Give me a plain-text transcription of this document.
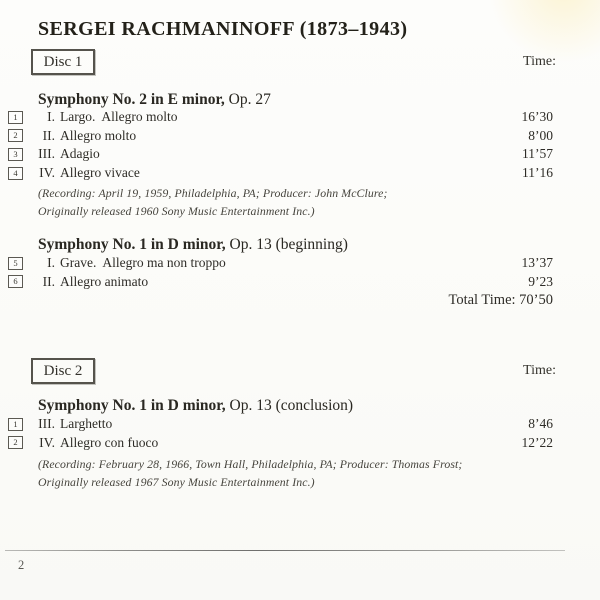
SERGEI RACHMANINOFF (1873–1943)
Disc 1	Time:
Symphony No. 2 in E minor, Op. 27
1	I. Largo.  Allegro molto	16’30
2	II. Allegro molto	8’00
3	III. Adagio	11’57
4	IV. Allegro vivace	11’16
(Recording: April 19, 1959, Philadelphia, PA; Producer: John McClure;
Originally released 1960 Sony Music Entertainment Inc.)
Symphony No. 1 in D minor, Op. 13 (beginning)
5	I. Grave.  Allegro ma non troppo	13’37
6	II. Allegro animato	9’23
Total Time: 70’50
Disc 2	Time:
Symphony No. 1 in D minor, Op. 13 (conclusion)
1	III. Larghetto	8’46
2	IV. Allegro con fuoco	12’22
(Recording: February 28, 1966, Town Hall, Philadelphia, PA; Producer: Thomas Frost;
Originally released 1967 Sony Music Entertainment Inc.)
2
